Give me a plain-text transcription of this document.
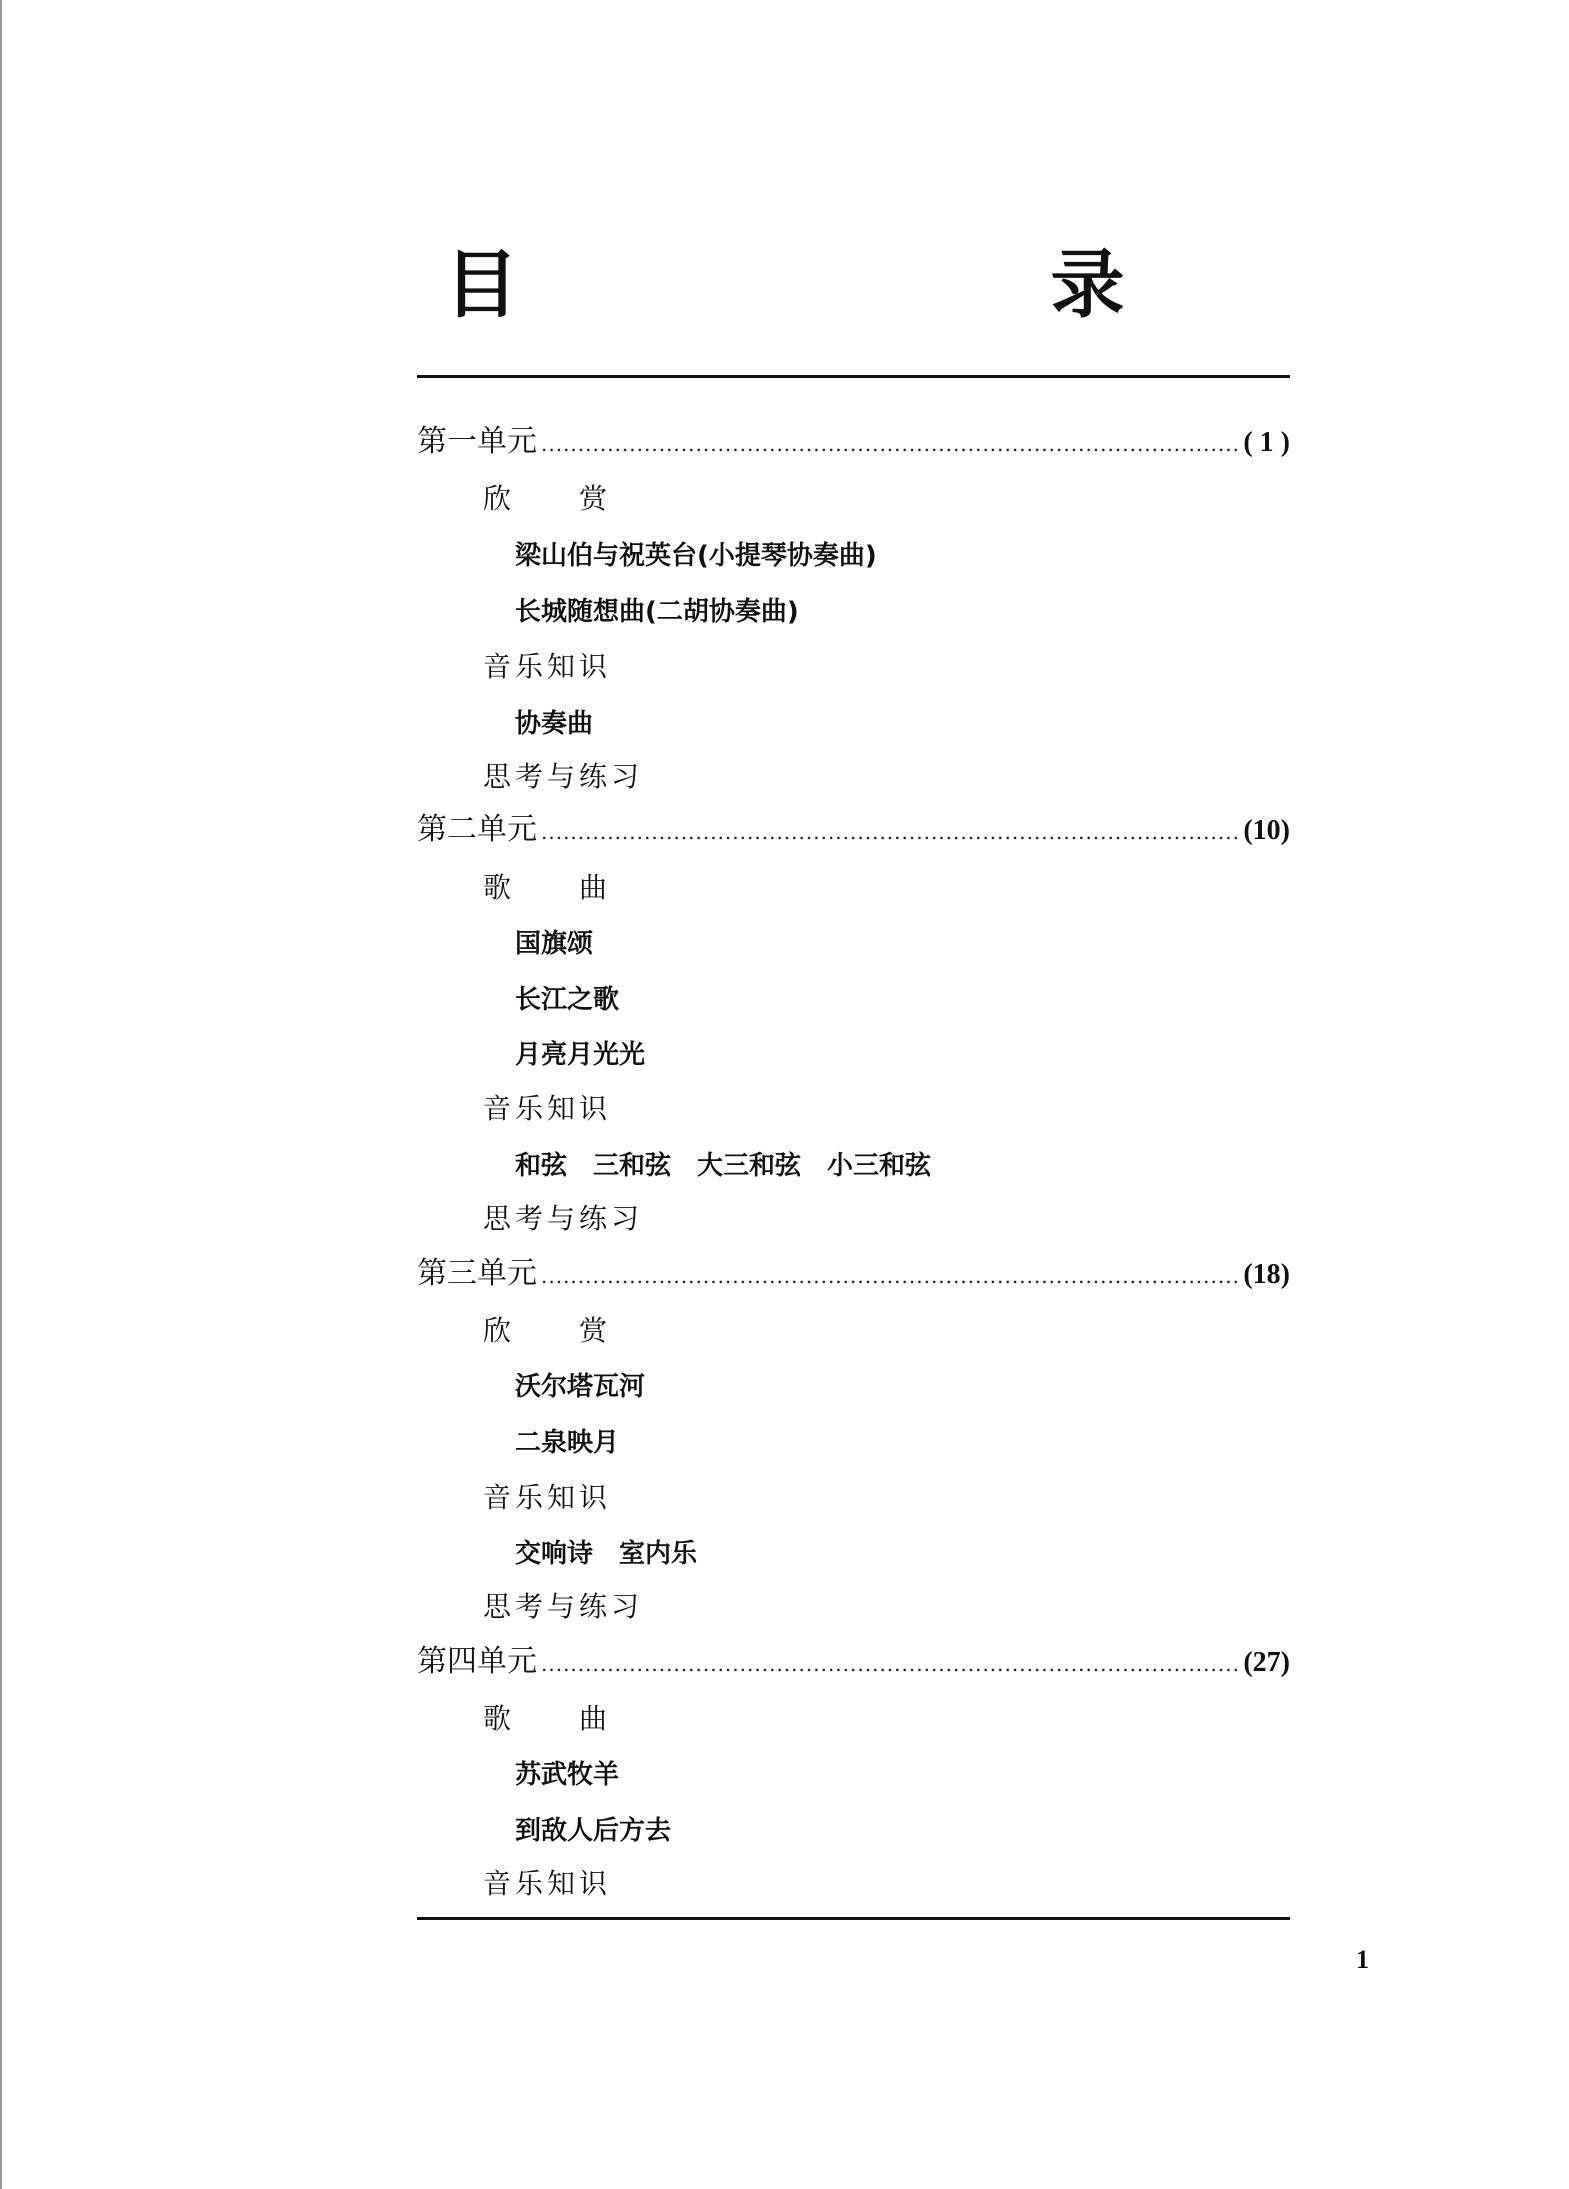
目　　录
第一单元 .....	( 1 )
欣　　赏
梁山伯与祝英台(小提琴协奏曲)
长城随想曲(二胡协奏曲)
音乐知识
协奏曲
思考与练习
第二单元 .....	(10)
歌　　曲
国旗颂
长江之歌
月亮月光光
音乐知识
和弦　三和弦　大三和弦　小三和弦
思考与练习
第三单元 .....	(18)
欣　　赏
沃尔塔瓦河
二泉映月
音乐知识
交响诗　室内乐
思考与练习
第四单元 .....	(27)
歌　　曲
苏武牧羊
到敌人后方去
音乐知识
1
